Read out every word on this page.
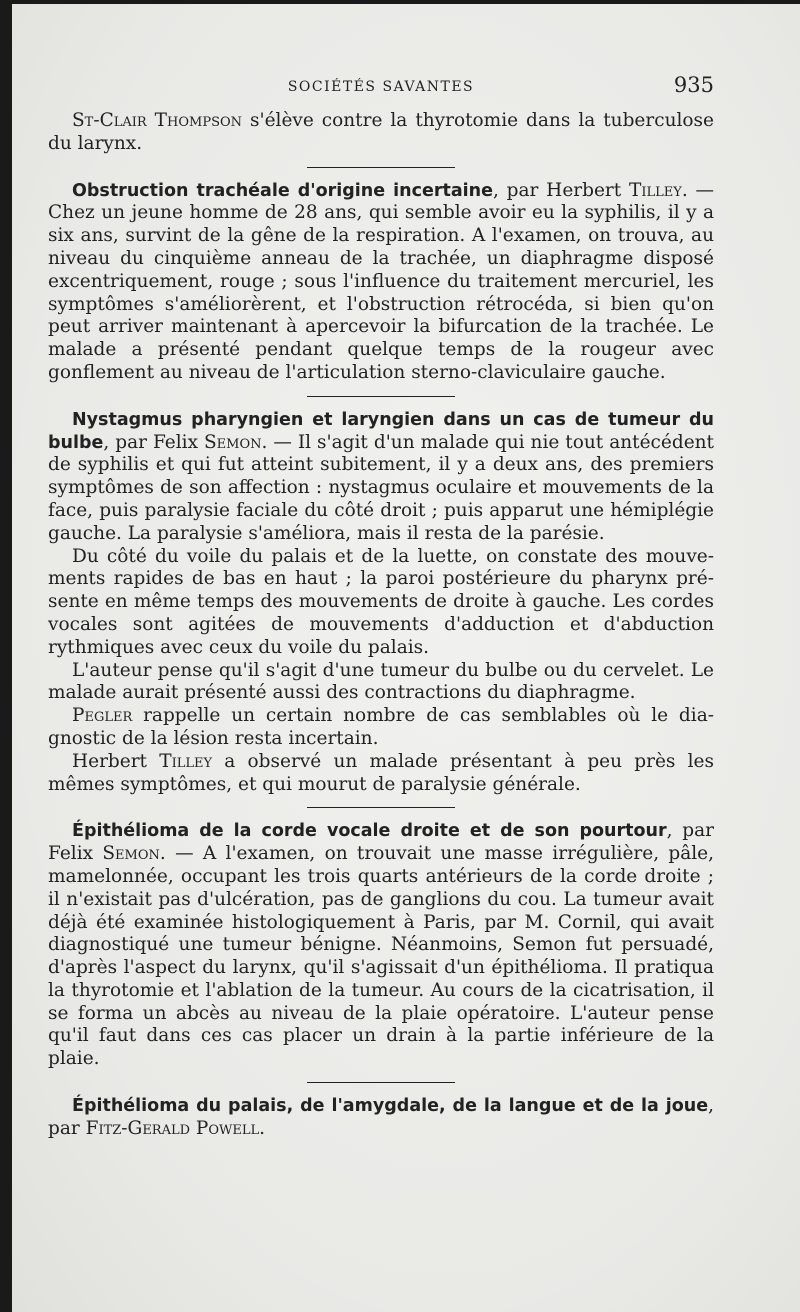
SOCIÉTÉS SAVANTES	935

St-Clair Thompson s'élève contre la thyrotomie dans la tuberculose du larynx.

Obstruction trachéale d'origine incertaine, par Herbert Tilley. — Chez un jeune homme de 28 ans, qui semble avoir eu la syphilis, il y a six ans, survint de la gêne de la respiration. A l'examen, on trouva, au niveau du cinquième anneau de la trachée, un diaphragme disposé excentriquement, rouge ; sous l'influence du traitement mercuriel, les symptômes s'améliorèrent, et l'obstruction rétrocéda, si bien qu'on peut arriver maintenant à apercevoir la bifurcation de la trachée. Le malade a présenté pendant quelque temps de la rougeur avec gonflement au niveau de l'articulation sterno-claviculaire gauche.

Nystagmus pharyngien et laryngien dans un cas de tumeur du bulbe, par Felix Semon. — Il s'agit d'un malade qui nie tout antécédent de syphilis et qui fut atteint subitement, il y a deux ans, des premiers symptômes de son affection : nystagmus oculaire et mouvements de la face, puis paralysie faciale du côté droit ; puis apparut une hémiplégie gauche. La paralysie s'améliora, mais il resta de la parésie.

Du côté du voile du palais et de la luette, on constate des mouvements rapides de bas en haut ; la paroi postérieure du pharynx présente en même temps des mouvements de droite à gauche. Les cordes vocales sont agitées de mouvements d'adduction et d'abduction rythmiques avec ceux du voile du palais.

L'auteur pense qu'il s'agit d'une tumeur du bulbe ou du cervelet. Le malade aurait présenté aussi des contractions du diaphragme.

Pegler rappelle un certain nombre de cas semblables où le diagnostic de la lésion resta incertain.

Herbert Tilley a observé un malade présentant à peu près les mêmes symptômes, et qui mourut de paralysie générale.

Épithélioma de la corde vocale droite et de son pourtour, par Felix Semon. — A l'examen, on trouvait une masse irrégulière, pâle, mamelonnée, occupant les trois quarts antérieurs de la corde droite ; il n'existait pas d'ulcération, pas de ganglions du cou. La tumeur avait déjà été examinée histologiquement à Paris, par M. Cornil, qui avait diagnostiqué une tumeur bénigne. Néanmoins, Semon fut persuadé, d'après l'aspect du larynx, qu'il s'agissait d'un épithélioma. Il pratiqua la thyrotomie et l'ablation de la tumeur. Au cours de la cicatrisation, il se forma un abcès au niveau de la plaie opératoire. L'auteur pense qu'il faut dans ces cas placer un drain à la partie inférieure de la plaie.

Épithélioma du palais, de l'amygdale, de la langue et de la joue, par Fitz-Gerald Powell.
